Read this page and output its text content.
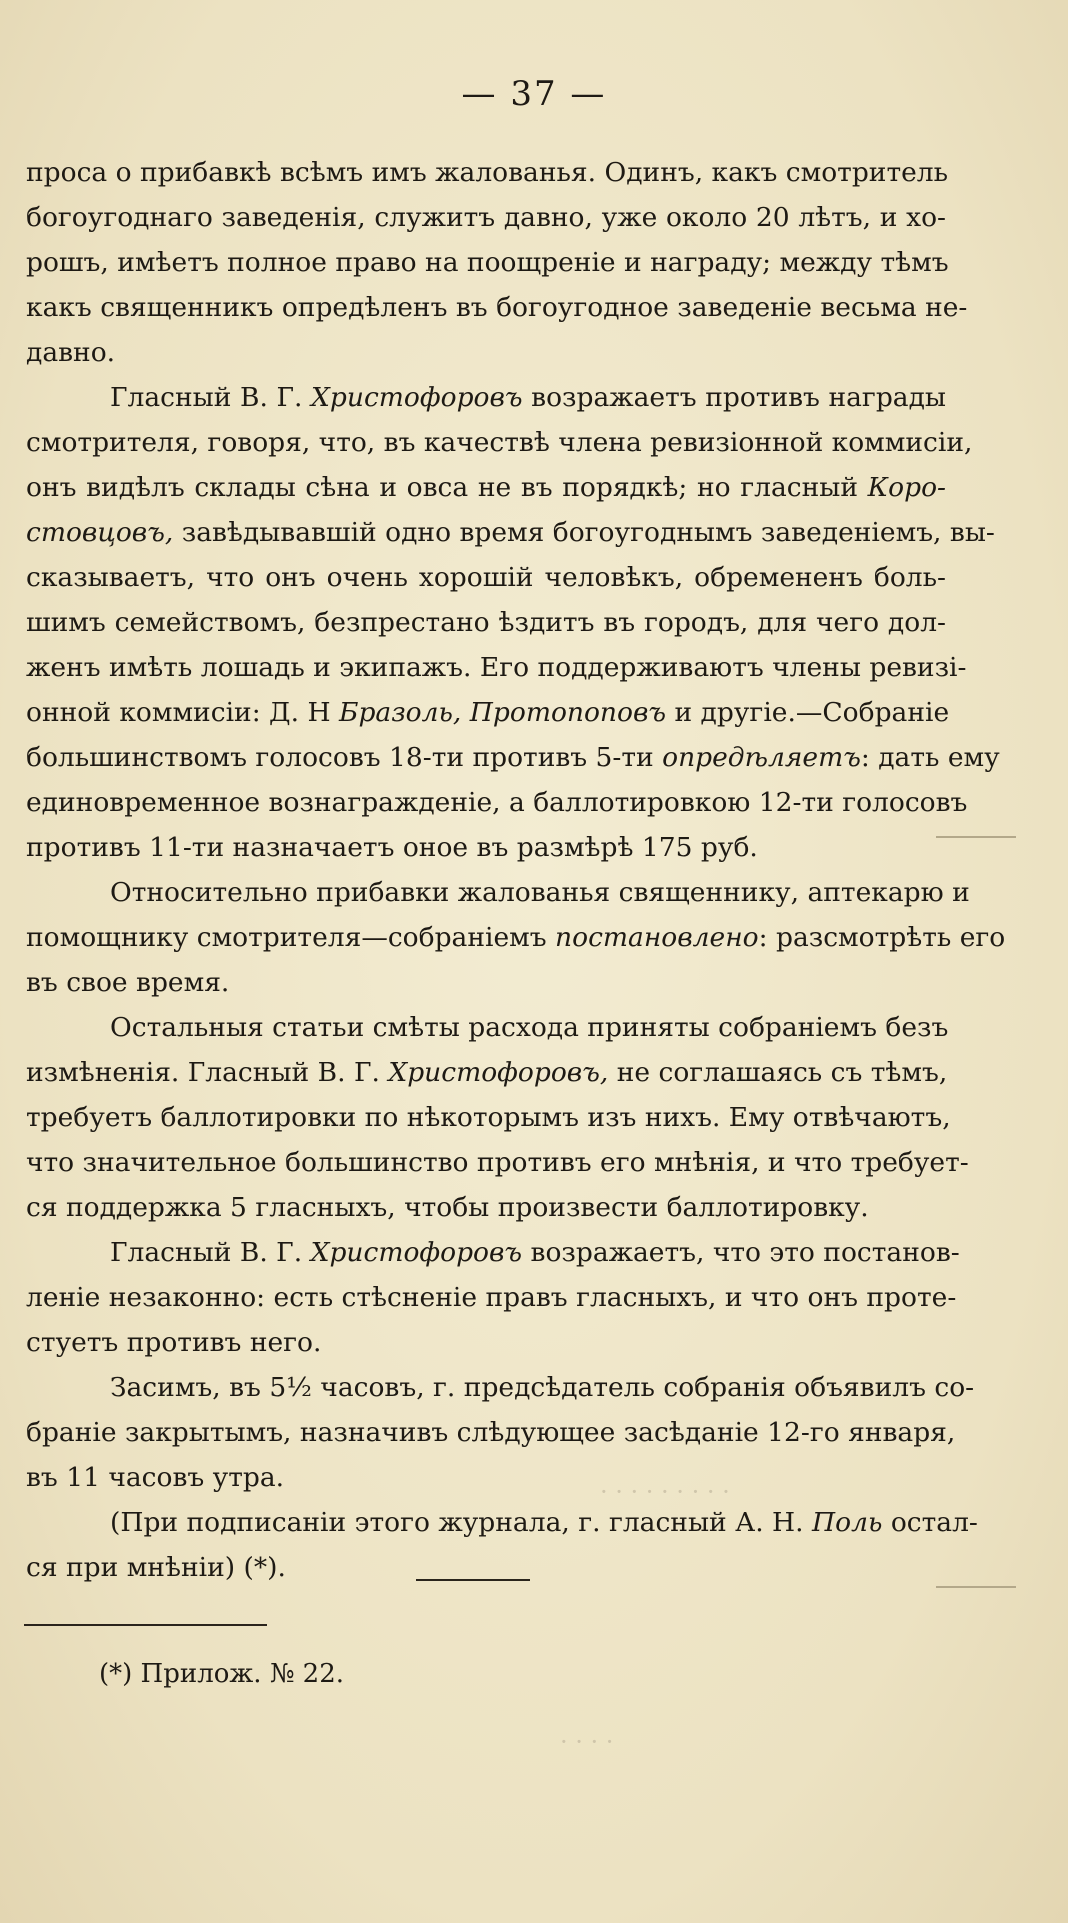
· · · · · · · · ·
· · · ·
— 37 —
проса о прибавкѣ всѣмъ имъ жалованья. Одинъ, какъ смотритель
богоугоднаго заведенія, служитъ давно, уже около 20 лѣтъ, и хо-
рошъ, имѣетъ полное право на поощреніе и награду; между тѣмъ
какъ священникъ опредѣленъ въ богоугодное заведеніе весьма не-
давно.
Гласный В. Г. Христофоровъ возражаетъ противъ награды
смотрителя, говоря, что, въ качествѣ члена ревизіонной коммисіи,
онъ видѣлъ склады сѣна и овса не въ порядкѣ; но гласный Коро-
стовцовъ, завѣдывавшій одно время богоугоднымъ заведеніемъ, вы-
сказываетъ, что онъ очень хорошій человѣкъ, обремененъ боль-
шимъ семействомъ, безпрестано ѣздитъ въ городъ, для чего дол-
женъ имѣть лошадь и экипажъ. Его поддерживаютъ члены ревизі-
онной коммисіи: Д. Н Бразоль, Протопоповъ и другіе.—Собраніе
большинствомъ голосовъ 18-ти противъ 5-ти опредѣляетъ: дать ему
единовременное вознагражденіе, а баллотировкою 12-ти голосовъ
противъ 11-ти назначаетъ оное въ размѣрѣ 175 руб.
Относительно прибавки жалованья священнику, аптекарю и
помощнику смотрителя—собраніемъ постановлено: разсмотрѣть его
въ свое время.
Остальныя статьи смѣты расхода приняты собраніемъ безъ
измѣненія. Гласный В. Г. Христофоровъ, не соглашаясь съ тѣмъ,
требуетъ баллотировки по нѣкоторымъ изъ нихъ. Ему отвѣчаютъ,
что значительное большинство противъ его мнѣнія, и что требует-
ся поддержка 5 гласныхъ, чтобы произвести баллотировку.
Гласный В. Г. Христофоровъ возражаетъ, что это постанов-
леніе незаконно: есть стѣсненіе правъ гласныхъ, и что онъ проте-
стуетъ противъ него.
Засимъ, въ 5½ часовъ, г. предсѣдатель собранія объявилъ со-
браніе закрытымъ, назначивъ слѣдующее засѣданіе 12-го января,
въ 11 часовъ утра.
(При подписаніи этого журнала, г. гласный А. Н. Поль остал-
ся при мнѣніи) (*).
(*) Прилож. № 22.
